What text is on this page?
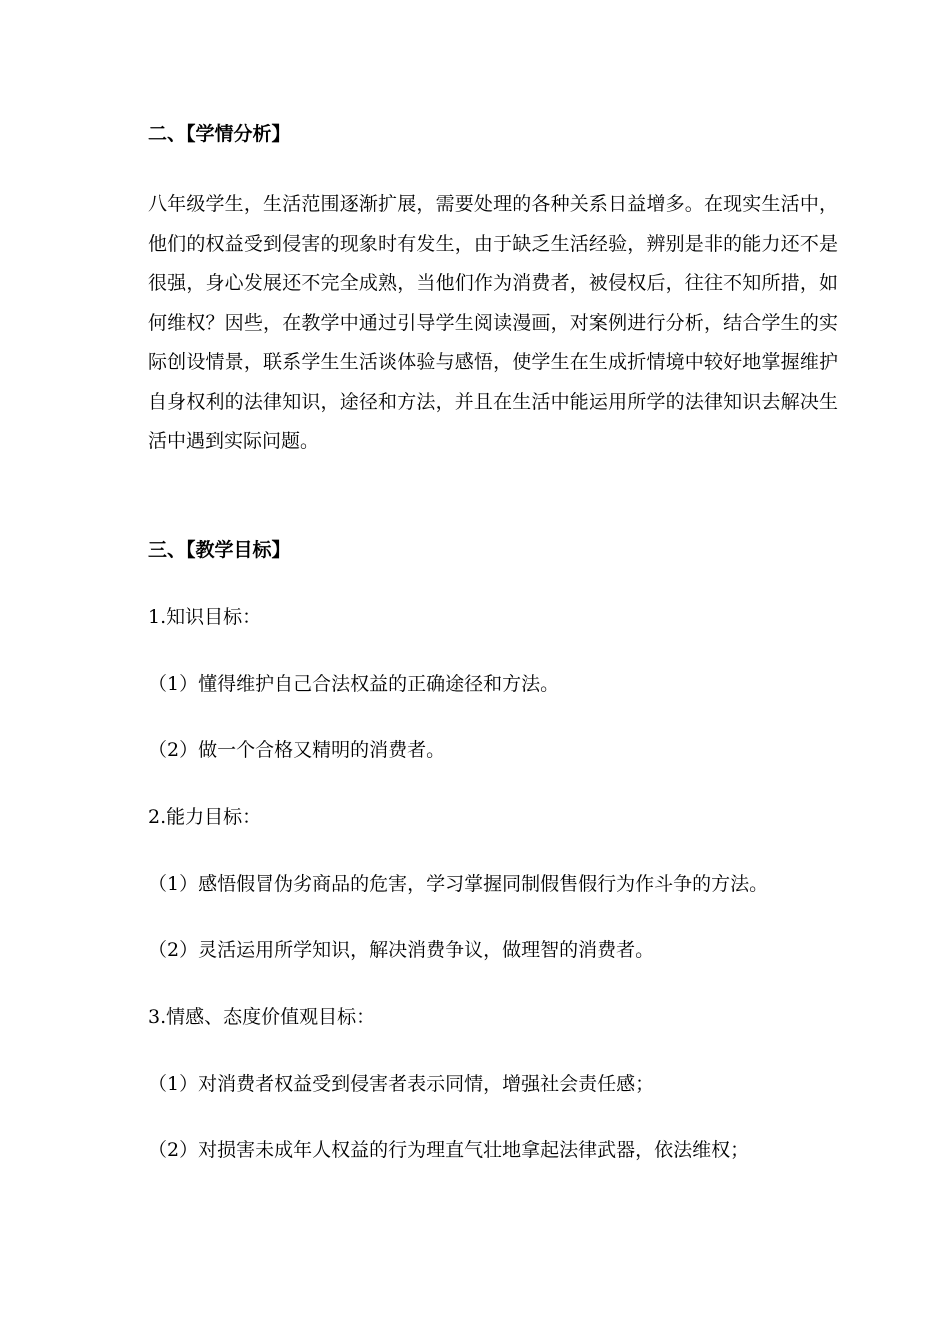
二、【学情分析】

八年级学生，生活范围逐渐扩展，需要处理的各种关系日益增多。在现实生活中，他们的权益受到侵害的现象时有发生，由于缺乏生活经验，辨别是非的能力还不是很强，身心发展还不完全成熟，当他们作为消费者，被侵权后，往往不知所措，如何维权？因些，在教学中通过引导学生阅读漫画，对案例进行分析，结合学生的实际创设情景，联系学生生活谈体验与感悟，使学生在生成折情境中较好地掌握维护自身权利的法律知识，途径和方法，并且在生活中能运用所学的法律知识去解决生活中遇到实际问题。

三、【教学目标】
1.知识目标：
（1）懂得维护自己合法权益的正确途径和方法。
（2）做一个合格又精明的消费者。
2.能力目标：
（1）感悟假冒伪劣商品的危害，学习掌握同制假售假行为作斗争的方法。
（2）灵活运用所学知识，解决消费争议，做理智的消费者。
3.情感、态度价值观目标：
（1）对消费者权益受到侵害者表示同情，增强社会责任感；
（2）对损害未成年人权益的行为理直气壮地拿起法律武器，依法维权；
